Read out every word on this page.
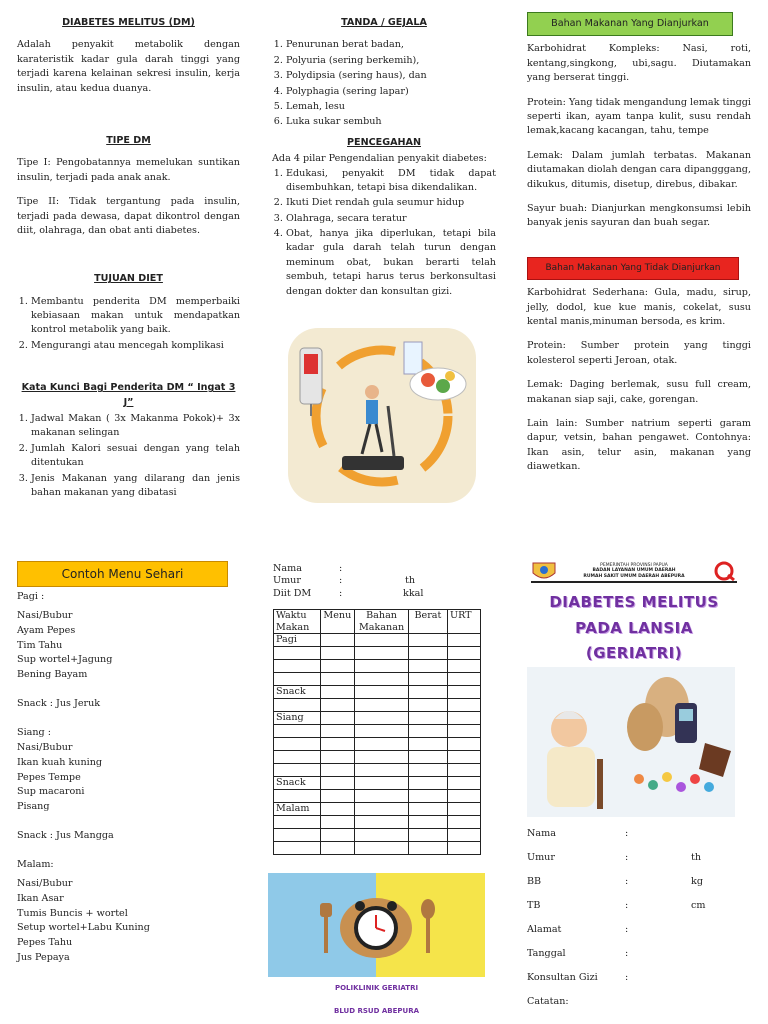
DIABETES MELITUS (DM)

Adalah penyakit metabolik dengan karateristik kadar gula darah tinggi yang terjadi karena kelainan sekresi insulin, kerja insulin, atau kedua duanya.

TIPE DM

Tipe I: Pengobatannya memelukan suntikan insulin, terjadi pada anak anak.

Tipe II: Tidak tergantung pada insulin, terjadi pada dewasa, dapat dikontrol dengan diit, olahraga, dan obat anti diabetes.

TUJUAN DIET
1. Membantu penderita DM memperbaiki kebiasaan makan untuk mendapatkan kontrol metabolik yang baik.
2. Mengurangi atau mencegah komplikasi
Kata Kunci Bagi Penderita DM “ Ingat 3 J”
1. Jadwal Makan ( 3x Makanma Pokok)+ 3x makanan selingan
2. Jumlah Kalori sesuai dengan yang telah ditentukan
3. Jenis Makanan yang dilarang dan jenis bahan makanan yang dibatasi
TANDA / GEJALA
1. Penurunan berat badan,
2. Polyuria (sering berkemih),
3. Polydipsia (sering haus), dan
4. Polyphagia (sering lapar)
5. Lemah, lesu
6. Luka sukar sembuh
PENCEGAHAN
Ada 4 pilar Pengendalian penyakit diabetes:
1. Edukasi, penyakit DM tidak dapat disembuhkan, tetapi bisa dikendalikan.
2. Ikuti Diet rendah gula seumur hidup
3. Olahraga, secara teratur
4. Obat, hanya jika diperlukan, tetapi bila kadar gula darah telah turun dengan meminum obat, bukan berarti telah sembuh, tetapi harus terus berkonsultasi dengan dokter dan konsultan gizi.
Bahan Makanan Yang Dianjurkan

Karbohidrat Kompleks: Nasi, roti, kentang,singkong, ubi,sagu. Diutamakan yang berserat tinggi.

Protein: Yang tidak mengandung lemak tinggi seperti ikan, ayam tanpa kulit, susu rendah lemak,kacang kacangan, tahu, tempe

Lemak: Dalam jumlah terbatas. Makanan diutamakan diolah dengan cara dipangggang, dikukus, ditumis, disetup, direbus, dibakar.

Sayur buah: Dianjurkan mengkonsumsi lebih banyak jenis sayuran dan buah segar.

Bahan Makanan Yang Tidak Dianjurkan

Karbohidrat Sederhana: Gula, madu, sirup, jelly, dodol, kue kue manis, cokelat, susu kental manis,minuman bersoda, es krim.

Protein: Sumber protein yang tinggi kolesterol seperti Jeroan, otak.

Lemak: Daging berlemak, susu full cream, makanan siap saji, cake, gorengan.

Lain lain: Sumber natrium seperti garam dapur, vetsin, bahan pengawet. Contohnya: Ikan asin, telur asin, makanan yang diawetkan.

Contoh Menu Sehari
Pagi :
Nasi/Bubur
Ayam Pepes
Tim Tahu
Sup wortel+Jagung
Bening Bayam
Snack : Jus Jeruk
Siang :
Nasi/Bubur
Ikan kuah kuning
Pepes Tempe
Sup macaroni
Pisang
Snack : Jus Mangga
Malam:
Nasi/Bubur
Ikan Asar
Tumis Buncis + wortel
Setup wortel+Labu Kuning
Pepes Tahu
Jus Pepaya
Nama	:
Umur	:	th
Diit DM	:	kkal
Waktu Makan	Menu	Bahan Makanan	Berat	URT
Pagi				

Snack				

Siang				

Snack				

Malam				

POLIKLINIK GERIATRI
BLUD RSUD ABEPURA
PEMERINTAH PROVINSI PAPUA
BADAN LAYANAN UMUM DAERAH
RUMAH SAKIT UMUM DAERAH ABEPURA
DIABETES MELITUS
PADA LANSIA
(GERIATRI)
Nama	:
Umur	:	th
BB	:	kg
TB	:	cm
Alamat	:
Tanggal	:
Konsultan Gizi	:
Catatan:
